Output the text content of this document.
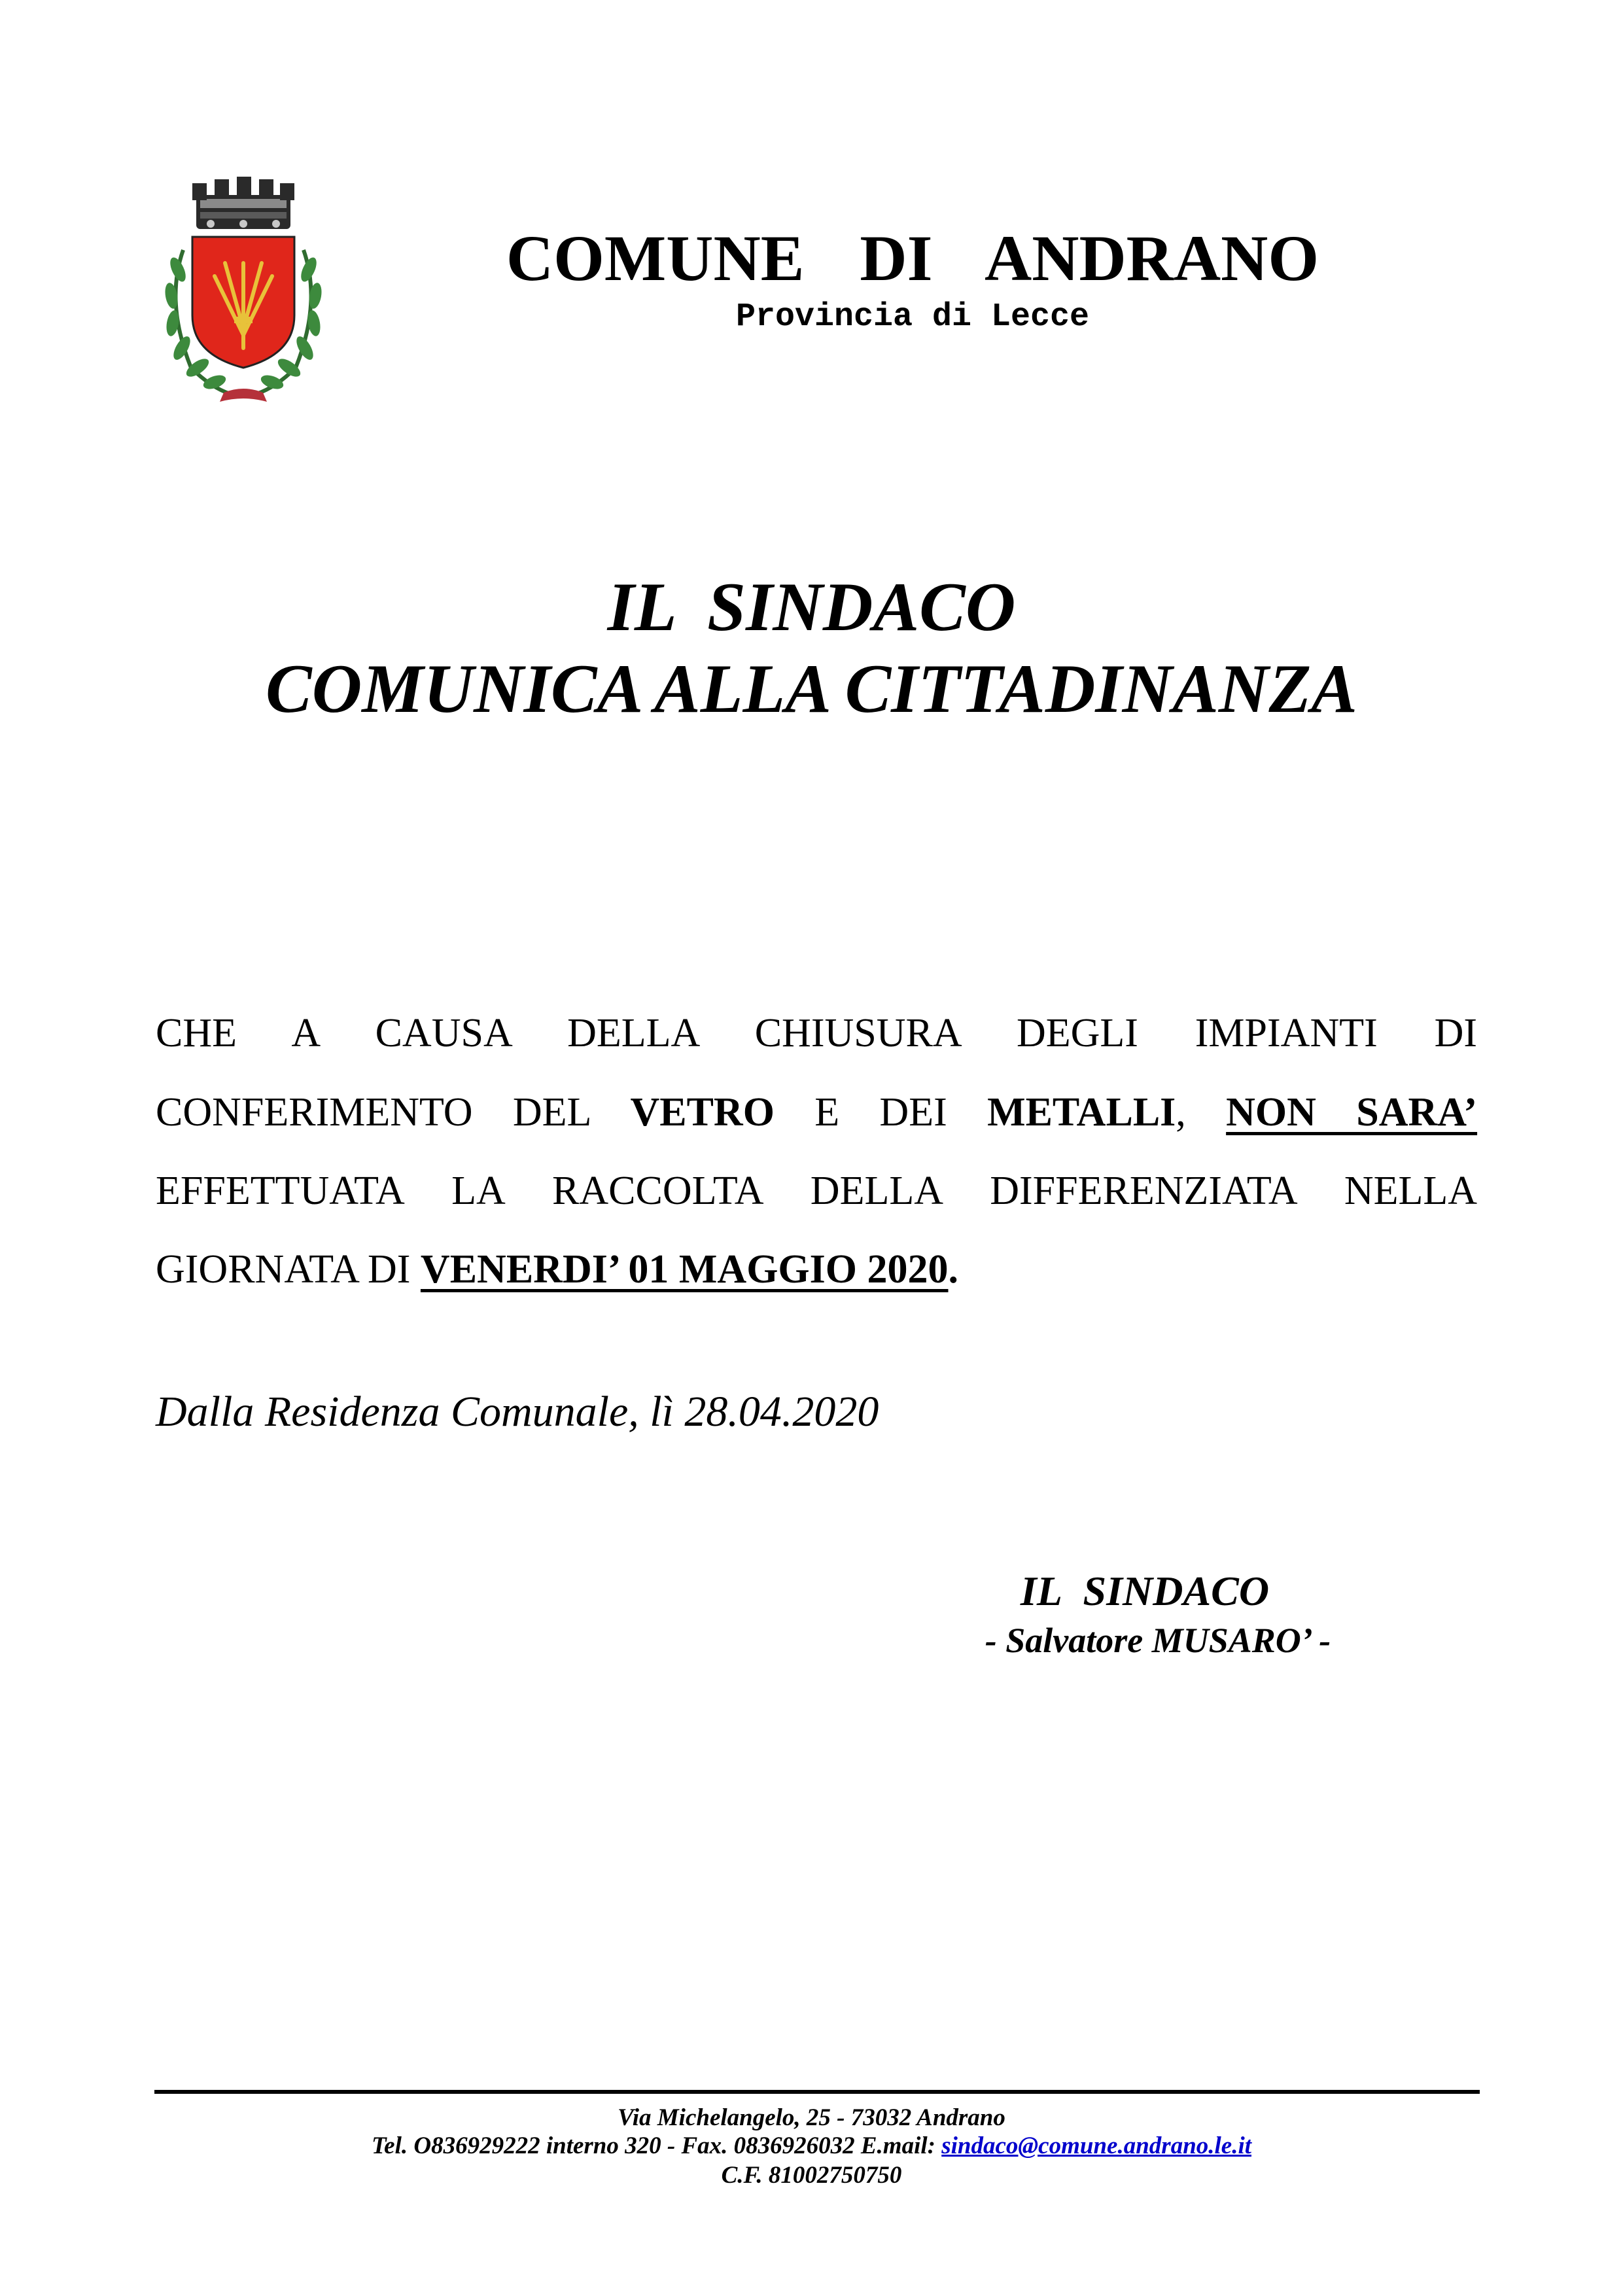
COMUNE DI ANDRANO
Provincia di Lecce
IL SINDACO
COMUNICA ALLA CITTADINANZA
CHE A CAUSA DELLA CHIUSURA DEGLI IMPIANTI DI
CONFERIMENTO DEL VETRO E DEI METALLI, NON SARA’
EFFETTUATA LA RACCOLTA DELLA DIFFERENZIATA NELLA
GIORNATA DI VENERDI’ 01 MAGGIO 2020.
Dalla Residenza Comunale, lì 28.04.2020
IL SINDACO
- Salvatore MUSARO’ -
Via Michelangelo, 25 - 73032 Andrano
Tel. O836929222 interno 320 - Fax. 0836926032 E.mail: sindaco@comune.andrano.le.it
C.F. 81002750750
